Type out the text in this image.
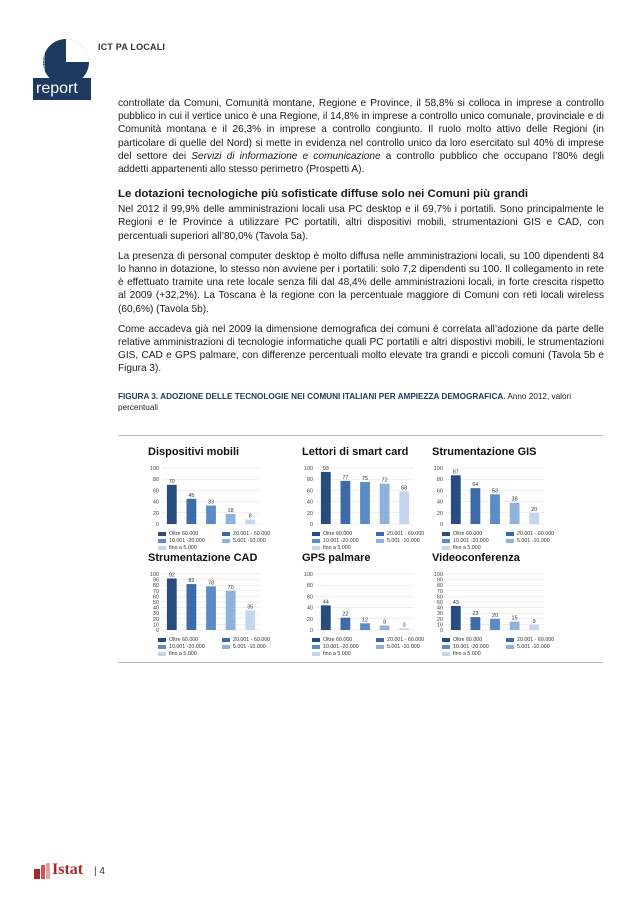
statistiche
report
ICT PA LOCALI

controllate da Comuni, Comunità montane, Regione e Province, il 58,8% si colloca in imprese a controllo pubblico in cui il vertice unico è una Regione, il 14,8% in imprese a controllo unico comunale, provinciale e di Comunità montana e il 26,3% in imprese a controllo congiunto. Il ruolo molto attivo delle Regioni (in particolare di quelle del Nord) si mette in evidenza nel controllo unico da loro esercitato sul 40% di imprese del settore dei Servizi di informazione e comunicazione a controllo pubblico che occupano l’80% degli addetti appartenenti allo stesso perimetro (Prospetti A).

Le dotazioni tecnologiche più sofisticate diffuse solo nei Comuni più grandi

Nel 2012 il 99,9% delle amministrazioni locali usa PC desktop e il 69,7% i portatili. Sono principalmente le Regioni e le Province a utilizzare PC portatili, altri dispositivi mobili, strumentazioni GIS e CAD, con percentuali superiori all’80,0% (Tavola 5a).

La presenza di personal computer desktop è molto diffusa nelle amministrazioni locali, su 100 dipendenti 84 lo hanno in dotazione, lo stesso non avviene per i portatili: solo 7,2 dipendenti su 100. Il collegamento in rete è effettuato tramite una rete locale senza fili dal 48,4% delle amministrazioni locali, in forte crescita rispetto al 2009 (+32,2%). La Toscana è la regione con la percentuale maggiore di Comuni con reti locali wireless (60,6%) (Tavola 5b).

Come accadeva già nel 2009 la dimensione demografica dei comuni è correlata all’adozione da parte delle relative amministrazioni di tecnologie informatiche quali PC portatili e altri dispostivi mobili, le strumentazioni GIS, CAD e GPS palmare, con differenze percentuali molto elevate tra grandi e piccoli comuni (Tavola 5b e Figura 3).

FIGURA 3. ADOZIONE DELLE TECNOLOGIE NEI COMUNI ITALIANI PER AMPIEZZA DEMOGRAFICA. Anno 2012, valori percentuali
Dispositivi mobili
0
20
40
60
80
100
70
45
33
18
8
Oltre 60.000	20.001 - 60.000
10.001 -20.000	5.001 -10.000
fino a 5.000
Lettori di smart card
0
20
40
60
80
100 93
77 75 72
58
Oltre 60.000	20.001 - 60.000
10.001 -20.000	5.001 -10.000
fino a 5.000
Strumentazione GIS
0
20
40
60
80
100
87
64
53
38
20
Oltre 60.000	20.001 - 60.000
10.001 -20.000	5.001 -10.000
fino a 5.000
Strumentazione CAD
0
10
20
30
40
50
60
70
80
90
100 92
82 78
70
35
Oltre 60.000	20.001 - 60.000
10.001 -20.000	5.001 -10.000
fino a 5.000
GPS palmare
0
20
40
60
80
100
44
22
12	8	3
Oltre 60.000	20.001 - 60.000
10.001 -20.000	5.001 -10.000
fino a 5.000
Videoconferenza
0
10
20
30
40
50
60
70
80
90
100
43
23 20 15
9
Oltre 60.000	20.001 - 60.000
10.001 -20.000	5.001 -10.000
fino a 5.000
Istat | 4
